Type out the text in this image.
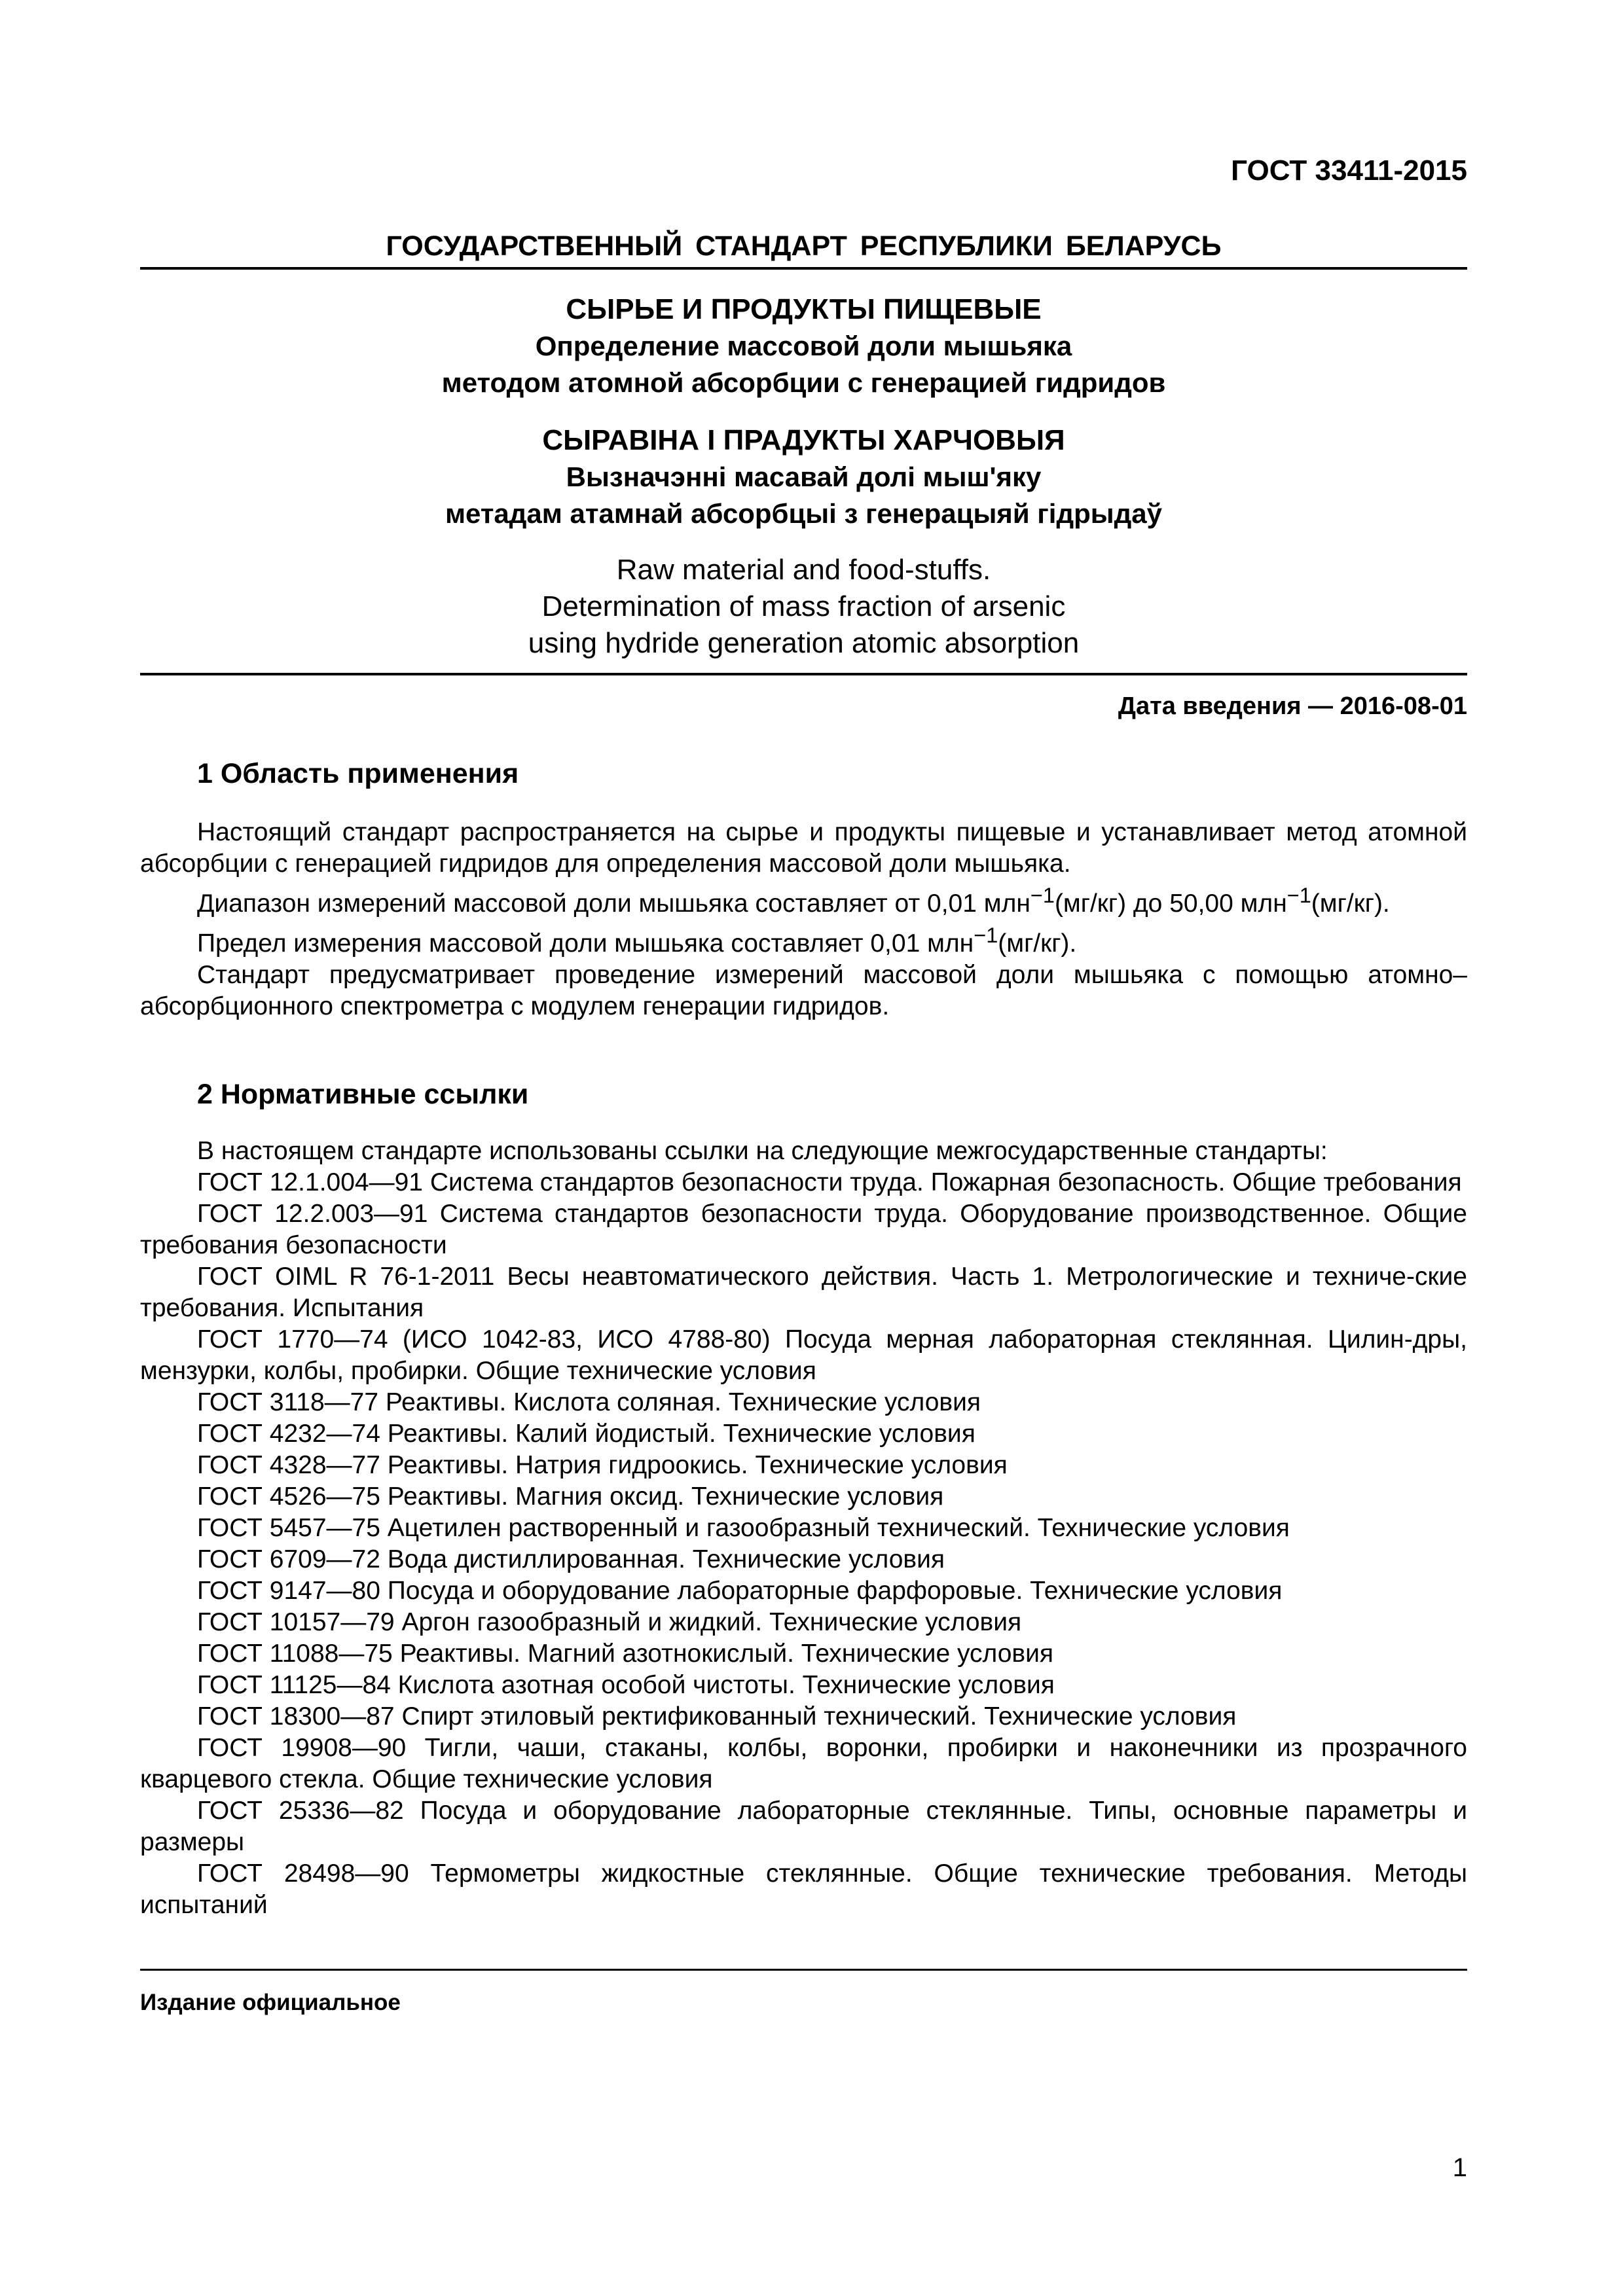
ГОСТ 33411-2015
ГОСУДАРСТВЕННЫЙ СТАНДАРТ РЕСПУБЛИКИ БЕЛАРУСЬ
СЫРЬЕ И ПРОДУКТЫ ПИЩЕВЫЕ
Определение массовой доли мышьяка
методом атомной абсорбции с генерацией гидридов
СЫРАВІНА І ПРАДУКТЫ ХАРЧОВЫЯ
Вызначэнні масавай долі мыш'яку
метадам атамнай абсорбцыі з генерацыяй гідрыдаў
Raw material and food-stuffs.
Determination of mass fraction of arsenic
using hydride generation atomic absorption
Дата введения — 2016-08-01
1 Область применения

Настоящий стандарт распространяется на сырье и продукты пищевые и устанавливает метод атомной абсорбции с генерацией гидридов для определения массовой доли мышьяка.

Диапазон измерений массовой доли мышьяка составляет от 0,01 млн$^{-1}$(мг/кг) до 50,00 млн$^{-1}$(мг/кг).

Предел измерения массовой доли мышьяка составляет 0,01 млн$^{-1}$(мг/кг).

Стандарт предусматривает проведение измерений массовой доли мышьяка с помощью атомно–абсорбционного спектрометра с модулем генерации гидридов.

2 Нормативные ссылки

В настоящем стандарте использованы ссылки на следующие межгосударственные стандарты:

ГОСТ 12.1.004—91 Система стандартов безопасности труда. Пожарная безопасность. Общие требования

ГОСТ 12.2.003—91 Система стандартов безопасности труда. Оборудование производственное. Общие требования безопасности

ГОСТ OIML R 76-1-2011 Весы неавтоматического действия. Часть 1. Метрологические и техниче-ские требования. Испытания

ГОСТ 1770—74 (ИСО 1042-83, ИСО 4788-80) Посуда мерная лабораторная стеклянная. Цилин-дры, мензурки, колбы, пробирки. Общие технические условия

ГОСТ 3118—77 Реактивы. Кислота соляная. Технические условия

ГОСТ 4232—74 Реактивы. Калий йодистый. Технические условия

ГОСТ 4328—77 Реактивы. Натрия гидроокись. Технические условия

ГОСТ 4526—75 Реактивы. Магния оксид. Технические условия

ГОСТ 5457—75 Ацетилен растворенный и газообразный технический. Технические условия

ГОСТ 6709—72 Вода дистиллированная. Технические условия

ГОСТ 9147—80 Посуда и оборудование лабораторные фарфоровые. Технические условия

ГОСТ 10157—79 Аргон газообразный и жидкий. Технические условия

ГОСТ 11088—75 Реактивы. Магний азотнокислый. Технические условия

ГОСТ 11125—84 Кислота азотная особой чистоты. Технические условия

ГОСТ 18300—87 Спирт этиловый ректификованный технический. Технические условия

ГОСТ 19908—90 Тигли, чаши, стаканы, колбы, воронки, пробирки и наконечники из прозрачного кварцевого стекла. Общие технические условия

ГОСТ 25336—82 Посуда и оборудование лабораторные стеклянные. Типы, основные параметры и размеры

ГОСТ 28498—90 Термометры жидкостные стеклянные. Общие технические требования. Методы испытаний

Издание официальное
1
